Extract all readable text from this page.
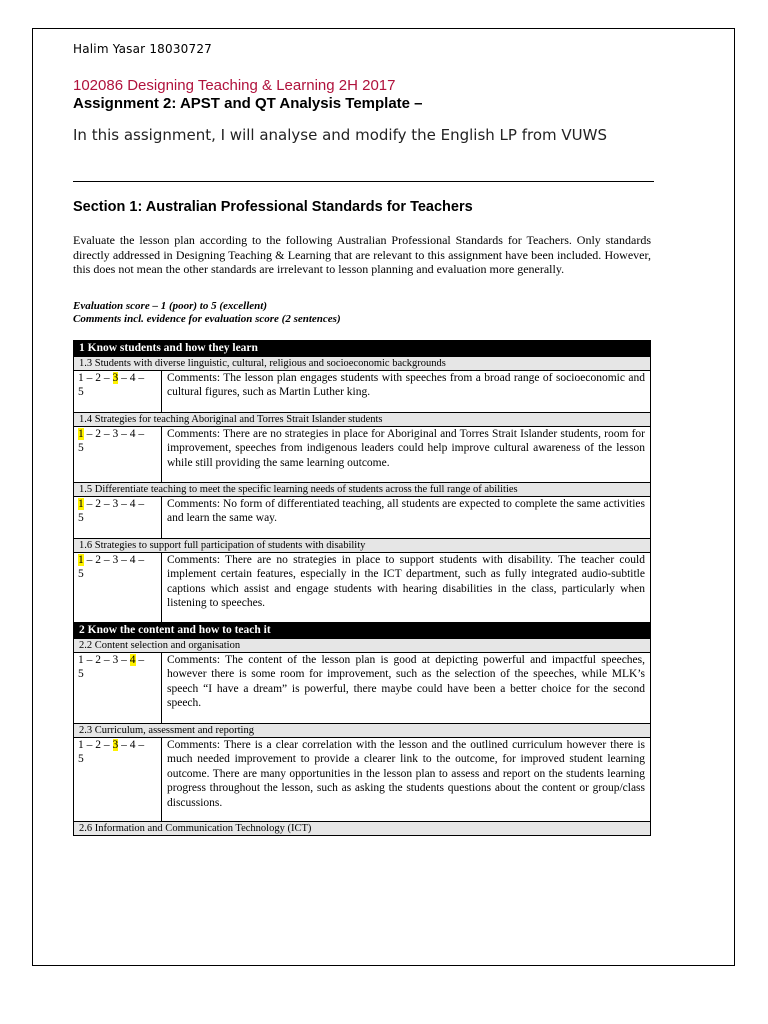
Halim Yasar 18030727
102086 Designing Teaching & Learning 2H 2017
Assignment 2: APST and QT Analysis Template –
In this assignment, I will analyse and modify the English LP from VUWS
Section 1: Australian Professional Standards for Teachers
Evaluate the lesson plan according to the following Australian Professional Standards for Teachers. Only standards directly addressed in Designing Teaching & Learning that are relevant to this assignment have been included. However, this does not mean the other standards are irrelevant to lesson planning and evaluation more generally.
Evaluation score – 1 (poor) to 5 (excellent)
Comments incl. evidence for evaluation score (2 sentences)
1 Know students and how they learn
1.3 Students with diverse linguistic, cultural, religious and socioeconomic backgrounds
1 – 2 – 3 – 4 –
5
Comments: The lesson plan engages students with speeches from a broad range of socioeconomic and cultural figures, such as Martin Luther king.
1.4 Strategies for teaching Aboriginal and Torres Strait Islander students
1 – 2 – 3 – 4 –
5
Comments: There are no strategies in place for Aboriginal and Torres Strait Islander students, room for improvement, speeches from indigenous leaders could help improve cultural awareness of the lesson while still providing the same learning outcome.
1.5 Differentiate teaching to meet the specific learning needs of students across the full range of abilities
1 – 2 – 3 – 4 –
5
Comments: No form of differentiated teaching, all students are expected to complete the same activities and learn the same way.
1.6 Strategies to support full participation of students with disability
1 – 2 – 3 – 4 –
5
Comments: There are no strategies in place to support students with disability. The teacher could implement certain features, especially in the ICT department, such as fully integrated audio-subtitle captions which assist and engage students with hearing disabilities in the class, particularly when listening to speeches.
2 Know the content and how to teach it
2.2 Content selection and organisation
1 – 2 – 3 – 4 –
5
Comments: The content of the lesson plan is good at depicting powerful and impactful speeches, however there is some room for improvement, such as the selection of the speeches, while MLK’s speech “I have a dream” is powerful, there maybe could have been a better choice for the second speech.
2.3 Curriculum, assessment and reporting
1 – 2 – 3 – 4 –
5
Comments: There is a clear correlation with the lesson and the outlined curriculum however there is much needed improvement to provide a clearer link to the outcome, for improved student learning outcome. There are many opportunities in the lesson plan to assess and report on the students learning progress throughout the lesson, such as asking the students questions about the content or group/class discussions.
2.6 Information and Communication Technology (ICT)
